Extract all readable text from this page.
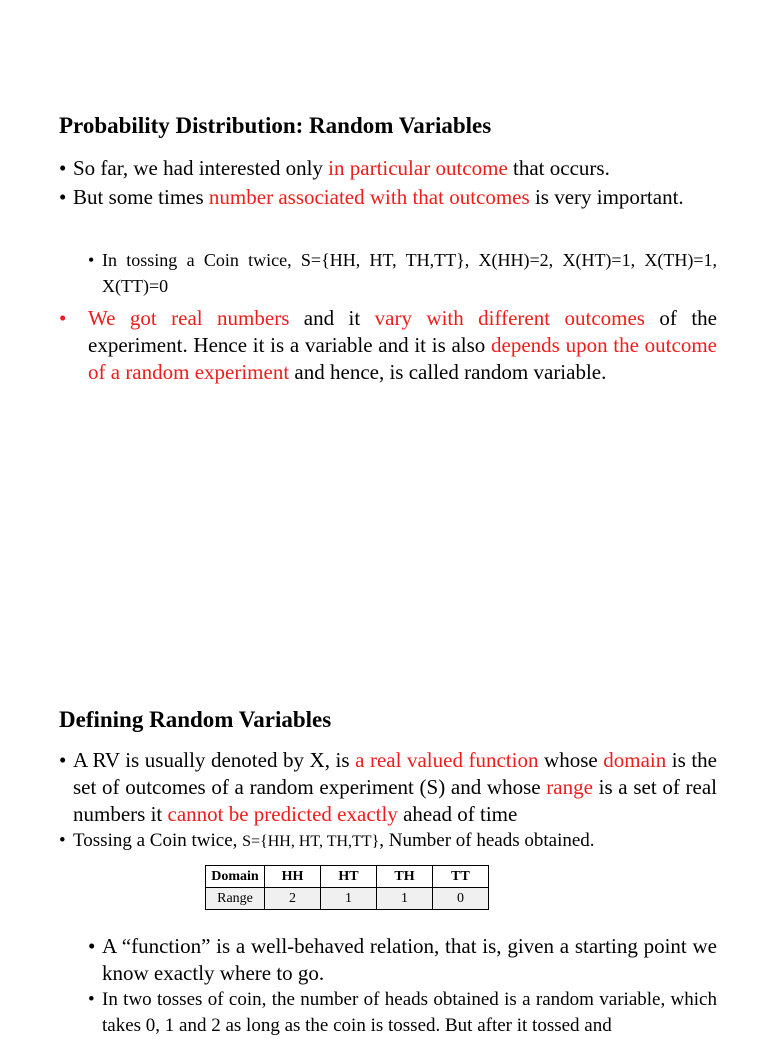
Probability Distribution: Random Variables
• So far, we had interested only in particular outcome that occurs.
• But some times number associated with that outcomes is very important.
• In tossing a Coin twice, S={HH, HT, TH,TT}, X(HH)=2, X(HT)=1, X(TH)=1, X(TT)=0
•	We got real numbers and it vary with different outcomes of the experiment. Hence it is a variable and it is also depends upon the outcome of a random experiment and hence, is called random variable.
Defining Random Variables
• A RV is usually denoted by X, is a real valued function whose domain is the set of outcomes of a random experiment (S) and whose range is a set of real numbers it cannot be predicted exactly ahead of time
• Tossing a Coin twice, S={HH, HT, TH,TT}, Number of heads obtained.
Domain	HH	HT	TH	TT
Range	2	1	1	0
• A “function” is a well-behaved relation, that is, given a starting point we know exactly where to go.
• In two tosses of coin, the number of heads obtained is a random variable, which takes 0, 1 and 2 as long as the coin is tossed. But after it tossed and
